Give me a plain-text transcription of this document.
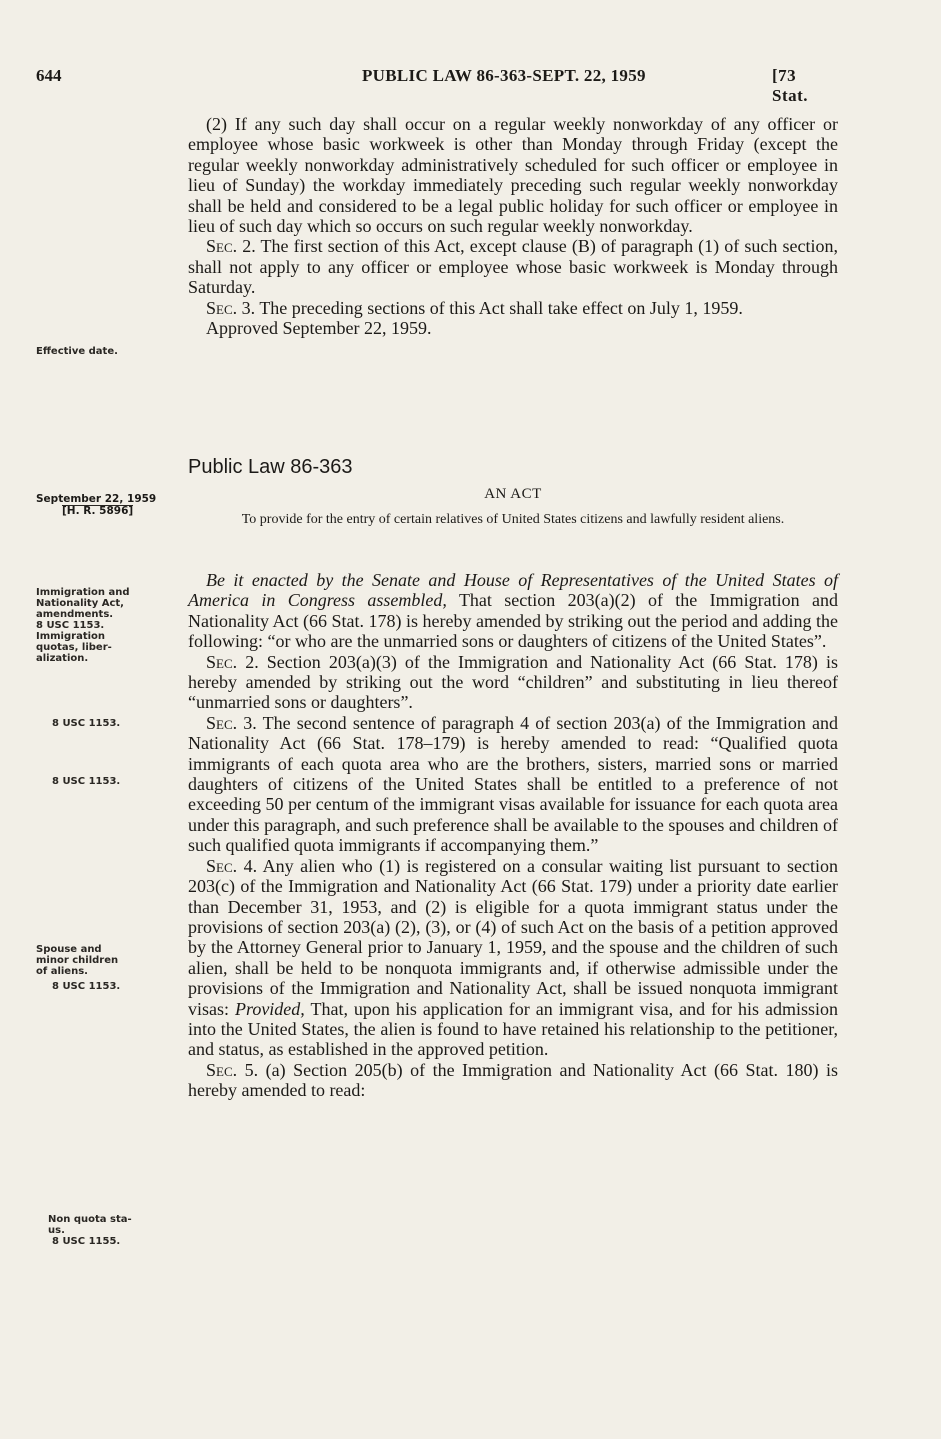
644	PUBLIC LAW 86-363-SEPT. 22, 1959	[73 Stat.

(2) If any such day shall occur on a regular weekly nonworkday of any officer or employee whose basic workweek is other than Monday through Friday (except the regular weekly nonworkday administratively scheduled for such officer or employee in lieu of Sunday) the workday immediately preceding such regular weekly nonworkday shall be held and considered to be a legal public holiday for such officer or employee in lieu of such day which so occurs on such regular weekly nonworkday.

Sec. 2. The first section of this Act, except clause (B) of paragraph (1) of such section, shall not apply to any officer or employee whose basic workweek is Monday through Saturday.

Sec. 3. The preceding sections of this Act shall take effect on July 1, 1959.

Approved September 22, 1959.

Effective date.
Public Law 86-363
AN ACT
To provide for the entry of certain relatives of United States citizens and lawfully resident aliens.
September 22, 1959
[H. R. 5896]
Immigration and
Nationality Act,
amendments.
8 USC 1153.
Immigration
quotas, liber-
alization.
8 USC 1153.
8 USC 1153.
Spouse and
minor children
of aliens.
8 USC 1153.
Non quota sta-
us.
8 USC 1155.

Be it enacted by the Senate and House of Representatives of the United States of America in Congress assembled, That section 203(a)(2) of the Immigration and Nationality Act (66 Stat. 178) is hereby amended by striking out the period and adding the following: “or who are the unmarried sons or daughters of citizens of the United States”.

Sec. 2. Section 203(a)(3) of the Immigration and Nationality Act (66 Stat. 178) is hereby amended by striking out the word “children” and substituting in lieu thereof “unmarried sons or daughters”.

Sec. 3. The second sentence of paragraph 4 of section 203(a) of the Immigration and Nationality Act (66 Stat. 178–179) is hereby amended to read: “Qualified quota immigrants of each quota area who are the brothers, sisters, married sons or married daughters of citizens of the United States shall be entitled to a preference of not exceeding 50 per centum of the immigrant visas available for issuance for each quota area under this paragraph, and such preference shall be available to the spouses and children of such qualified quota immigrants if accompanying them.”

Sec. 4. Any alien who (1) is registered on a consular waiting list pursuant to section 203(c) of the Immigration and Nationality Act (66 Stat. 179) under a priority date earlier than December 31, 1953, and (2) is eligible for a quota immigrant status under the provisions of section 203(a) (2), (3), or (4) of such Act on the basis of a petition approved by the Attorney General prior to January 1, 1959, and the spouse and the children of such alien, shall be held to be nonquota immigrants and, if otherwise admissible under the provisions of the Immigration and Nationality Act, shall be issued nonquota immigrant visas: Provided, That, upon his application for an immigrant visa, and for his admission into the United States, the alien is found to have retained his relationship to the petitioner, and status, as established in the approved petition.

Sec. 5. (a) Section 205(b) of the Immigration and Nationality Act (66 Stat. 180) is hereby amended to read:
